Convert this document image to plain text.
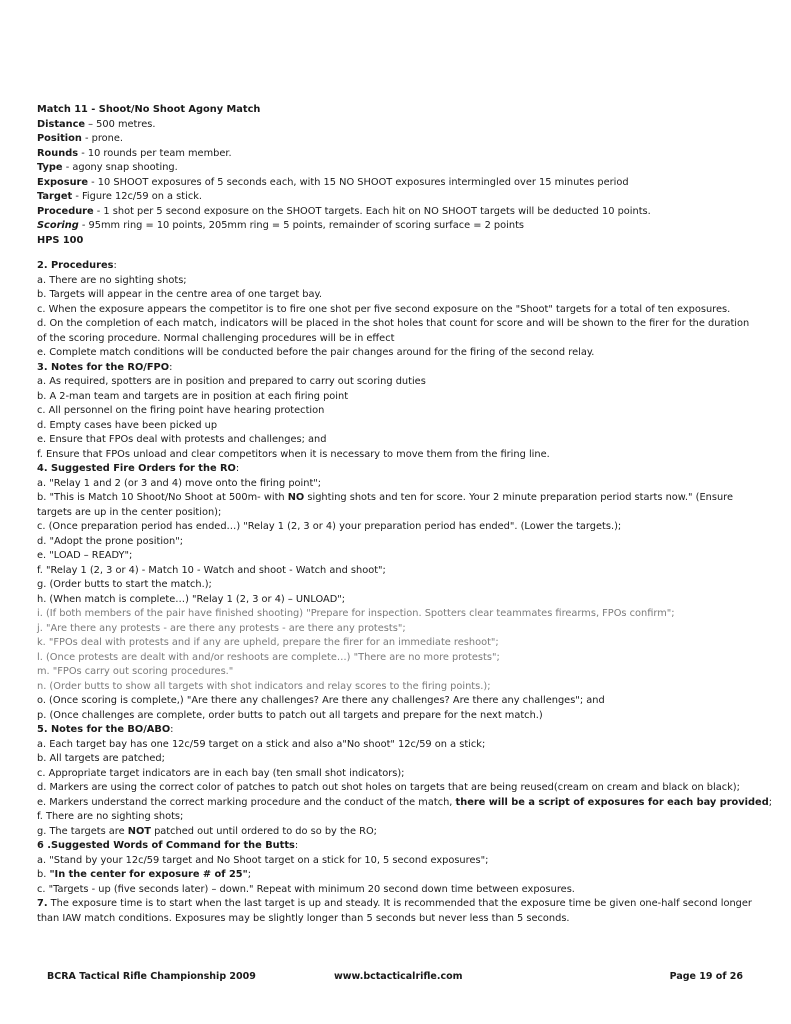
Match 11 - Shoot/No Shoot Agony Match
Distance – 500 metres.
Position - prone.
Rounds - 10 rounds per team member.
Type - agony snap shooting.
Exposure - 10 SHOOT exposures of 5 seconds each, with 15 NO SHOOT exposures intermingled over 15 minutes period
Target - Figure 12c/59 on a stick.
Procedure - 1 shot per 5 second exposure on the SHOOT targets. Each hit on NO SHOOT targets will be deducted 10 points.
Scoring - 95mm ring = 10 points, 205mm ring = 5 points, remainder of scoring surface = 2 points
HPS 100
2. Procedures:
a. There are no sighting shots;
b. Targets will appear in the centre area of one target bay.
c. When the exposure appears the competitor is to fire one shot per five second exposure on the "Shoot" targets for a total of ten exposures.
d. On the completion of each match, indicators will be placed in the shot holes that count for score and will be shown to the firer for the duration of the scoring procedure. Normal challenging procedures will be in effect
e. Complete match conditions will be conducted before the pair changes around for the firing of the second relay.
3. Notes for the RO/FPO:
a. As required, spotters are in position and prepared to carry out scoring duties
b. A 2-man team and targets are in position at each firing point
c. All personnel on the firing point have hearing protection
d. Empty cases have been picked up
e. Ensure that FPOs deal with protests and challenges; and
f. Ensure that FPOs unload and clear competitors when it is necessary to move them from the firing line.
4. Suggested Fire Orders for the RO:
a. "Relay 1 and 2 (or 3 and 4) move onto the firing point";
b. "This is Match 10 Shoot/No Shoot at 500m- with NO sighting shots and ten for score. Your 2 minute preparation period starts now." (Ensure targets are up in the center position);
c. (Once preparation period has ended…) "Relay 1 (2, 3 or 4) your preparation period has ended". (Lower the targets.);
d. "Adopt the prone position";
e. "LOAD – READY";
f. "Relay 1 (2, 3 or 4) - Match 10 - Watch and shoot - Watch and shoot";
g. (Order butts to start the match.);
h. (When match is complete…) "Relay 1 (2, 3 or 4) – UNLOAD";
i. (If both members of the pair have finished shooting) "Prepare for inspection. Spotters clear teammates firearms, FPOs confirm";
j. "Are there any protests - are there any protests - are there any protests";
k. "FPOs deal with protests and if any are upheld, prepare the firer for an immediate reshoot";
l. (Once protests are dealt with and/or reshoots are complete…) "There are no more protests";
m. "FPOs carry out scoring procedures."
n. (Order butts to show all targets with shot indicators and relay scores to the firing points.);
o. (Once scoring is complete,) "Are there any challenges? Are there any challenges? Are there any challenges"; and
p. (Once challenges are complete, order butts to patch out all targets and prepare for the next match.)
5. Notes for the BO/ABO:
a. Each target bay has one 12c/59 target on a stick and also a"No shoot" 12c/59 on a stick;
b. All targets are patched;
c. Appropriate target indicators are in each bay (ten small shot indicators);
d. Markers are using the correct color of patches to patch out shot holes on targets that are being reused(cream on cream and black on black);
e. Markers understand the correct marking procedure and the conduct of the match, there will be a script of exposures for each bay provided;
f. There are no sighting shots;
g. The targets are NOT patched out until ordered to do so by the RO;
6 .Suggested Words of Command for the Butts:
a. "Stand by your 12c/59 target and No Shoot target on a stick for 10, 5 second exposures";
b. "In the center for exposure # of 25";
c. "Targets - up (five seconds later) – down." Repeat with minimum 20 second down time between exposures.
7. The exposure time is to start when the last target is up and steady. It is recommended that the exposure time be given one-half second longer than IAW match conditions. Exposures may be slightly longer than 5 seconds but never less than 5 seconds.
BCRA Tactical Rifle Championship 2009	www.bctacticalrifle.com	Page 19 of 26
